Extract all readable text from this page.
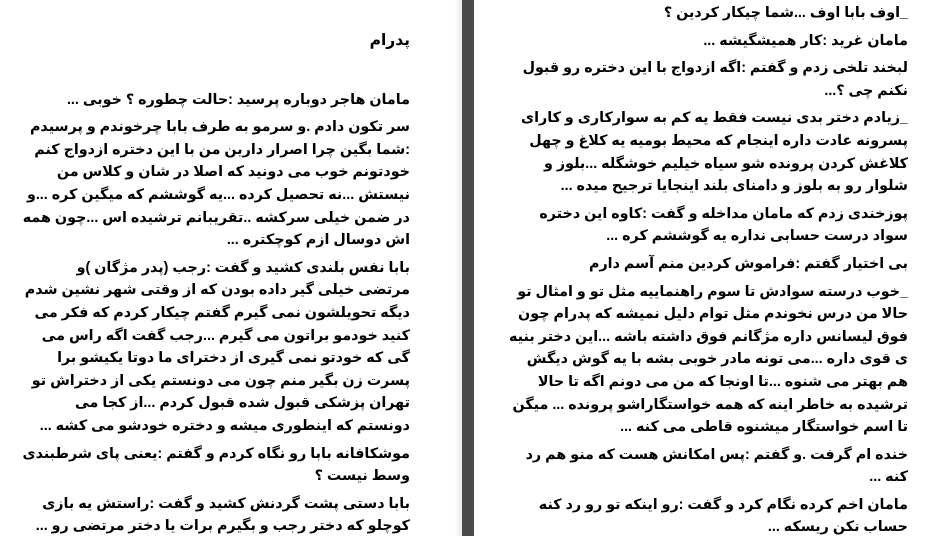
پدرام

مامان هاجر دوباره پرسید :حالت چطوره ؟ خوبی ...

سر تکون دادم .و سرمو به طرف بابا چرخوندم و پرسیدم :شما بگین چرا اصرار دارین من با این دختره ازدواج کنم خودتونم خوب می دونید که اصلا در شان و کلاس من نیستش ...نه تحصیل کرده ...یه گوششم که میگین کره ...و در ضمن خیلی سرکشه ..تقریبانم ترشیده اس ...چون همه اش دوسال ازم کوچکتره ...

بابا نفس بلندی کشید و گفت :رجب (پدر مژگان )و مرتضی خیلی گیر داده بودن که از وقتی شهر نشین شدم دیگه تحویلشون نمی گیرم گفتم چیکار کردم که فکر می کنید خودمو براتون می گیرم ...رجب گفت اگه راس می گی که خودتو نمی گیری از دخترای ما دوتا یکیشو برا پسرت زن بگیر منم چون می دونستم یکی از دختراش تو تهران پزشکی قبول شده قبول کردم ...از کجا می دونستم که اینطوری میشه و دختره خودشو می کشه ...

موشکافانه بابا رو نگاه کردم و گفتم :یعنی پای شرطبندی وسط نیست ؟

بابا دستی پشت گردنش کشید و گفت :راستش یه بازی کوچلو که دختر رجب و بگیرم برات یا دختر مرتضی رو ...

_اوف بابا اوف ...شما چیکار کردین ؟

مامان غرید :کار همیشگیشه ...

لبخند تلخی زدم و گفتم :اگه ازدواج با این دختره رو قبول نکنم چی ؟...

_زیادم دختر بدی نیست فقط یه کم به سوارکاری و کارای پسرونه عادت داره اینجام که محیط بومیه یه کلاغ و چهل کلاغش کردن پرونده شو سیاه خیلیم خوشگله ...بلوز و شلوار رو به بلوز و دامنای بلند اینجایا ترجیح میده ...

پوزخندی زدم که مامان مداخله و گفت :کاوه این دختره سواد درست حسابی نداره یه گوششم کره ...

بی اختیار گفتم :فراموش کردین منم آسم دارم

_خوب درسته سوادش تا سوم راهنماییه مثل تو و امثال تو حالا من درس نخوندم مثل توام دلیل نمیشه که پدرام چون فوق لیسانس داره مژگانم فوق داشته باشه ...این دختر بنیه ی قوی داره ...می تونه مادر خوبی بشه با یه گوش دیگش هم بهتر می شنوه ...تا اونجا که من می دونم اگه تا حالا ترشیده به خاطر اینه که همه خواستگاراشو پرونده ... میگن تا اسم خواستگار میشنوه قاطی می کنه ...

خنده ام گرفت .و گفتم :پس امکانش هست که منو هم رد کنه ...

مامان اخم کرده نگام کرد و گفت :رو اینکه تو رو رد کنه حساب نکن ریسکه ...
